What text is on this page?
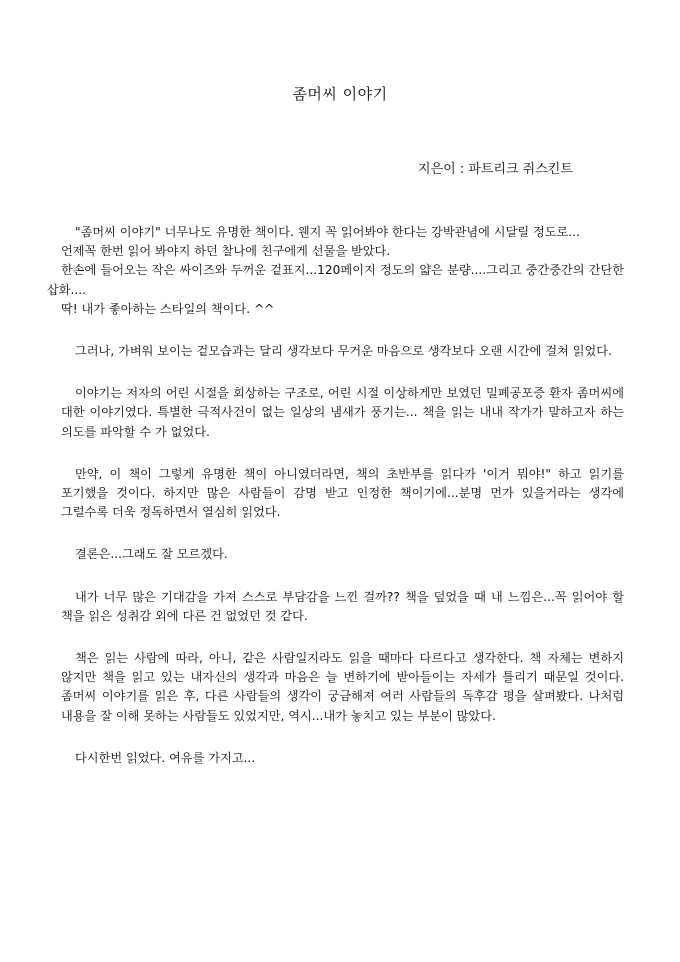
좀머씨 이야기
지은이 : 파트리크 쥐스킨트

"좀머씨 이야기" 너무나도 유명한 책이다. 웬지 꼭 읽어봐야 한다는 강박관념에 시달릴 정도로...
언제꼭 한번 읽어 봐야지 하던 찰나에 친구에게 선물을 받았다.
한손에 들어오는 작은 싸이즈와 두꺼운 겉표지...120페이지 정도의 얇은 분량....그리고 중간중간의 간단한 삽화....
딱! 내가 좋아하는 스타일의 책이다. ^^

그러나, 가벼워 보이는 겉모습과는 달리 생각보다 무거운 마음으로 생각보다 오랜 시간에 걸쳐 읽었다.

이야기는 저자의 어린 시절을 회상하는 구조로, 어린 시절 이상하게만 보였던 밀폐공포증 환자 좀머씨에 대한 이야기였다. 특별한 극적사건이 없는 일상의 냄새가 풍기는... 책을 읽는 내내 작가가 말하고자 하는 의도를 파악할 수 가 없었다.

만약, 이 책이 그렇게 유명한 책이 아니였더라면, 책의 초반부를 읽다가 '이거 뭐야!" 하고 읽기를 포기했을 것이다. 하지만 많은 사람들이 감명 받고 인정한 책이기에...분명 먼가 있을거라는 생각에 그럴수록 더욱 정독하면서 열심히 읽었다.

결론은...그래도 잘 모르겠다.

내가 너무 많은 기대감을 가져 스스로 부담감을 느낀 걸까?? 책을 덮었을 때 내 느낌은...꼭 읽어야 할 책을 읽은 성취감 외에 다른 건 없었던 것 같다.

책은 읽는 사람에 따라, 아니, 같은 사람일지라도 읽을 때마다 다르다고 생각한다. 책 자체는 변하지 않지만 책을 읽고 있는 내자신의 생각과 마음은 늘 변하기에 받아들이는 자세가 틀리기 때문일 것이다. 좀머씨 이야기를 읽은 후, 다른 사람들의 생각이 궁금해져 여러 사람들의 독후감 평을 살펴봤다. 나처럼 내용을 잘 이해 못하는 사람들도 있었지만, 역시...내가 놓치고 있는 부분이 많았다.

다시한번 읽었다. 여유를 가지고...
